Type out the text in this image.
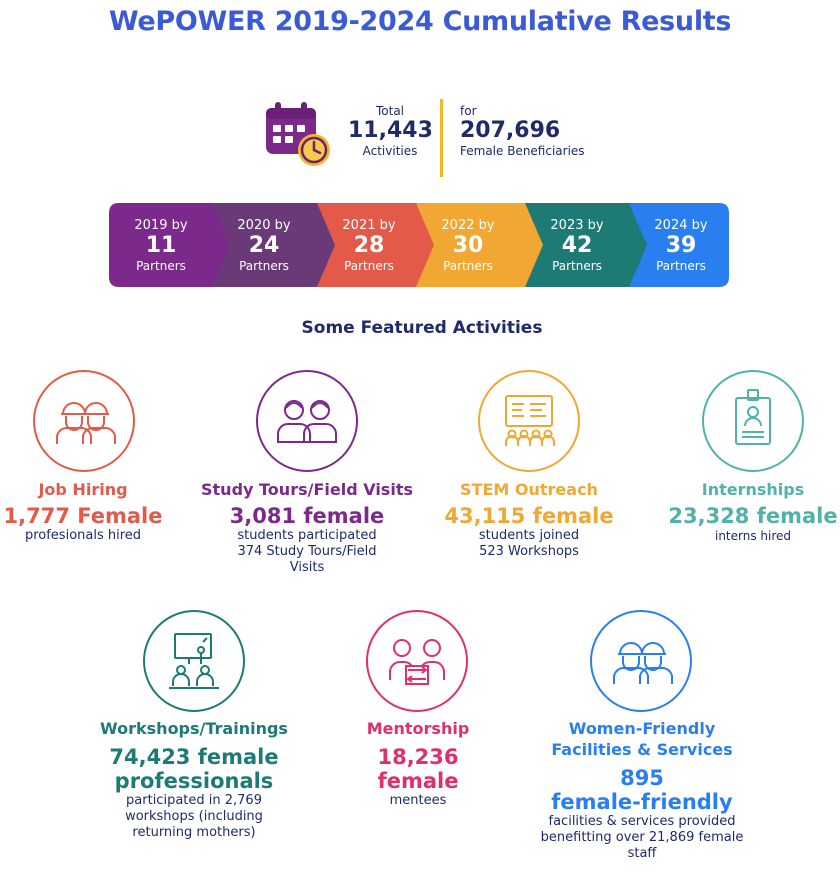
WePOWER 2019-2024 Cumulative Results
Total
11,443
Activities
for
207,696
Female Beneficiaries
2019 by
11
Partners
2020 by
24
Partners
2021 by
28
Partners
2022 by
30
Partners
2023 by
42
Partners
2024 by
39
Partners
Some Featured Activities
Job Hiring
1,777 Female
profesionals hired
Study Tours/Field Visits
3,081 female
students participated
374 Study Tours/Field
Visits
STEM Outreach
43,115 female
students joined
523 Workshops
Internships
23,328 female
interns hired
Workshops/Trainings
74,423 female
professionals
participated in 2,769
workshops (including
returning mothers)
Mentorship
18,236
female
mentees
Women-Friendly
Facilities & Services
895
female-friendly
facilities & services provided
benefitting over 21,869 female
staff
